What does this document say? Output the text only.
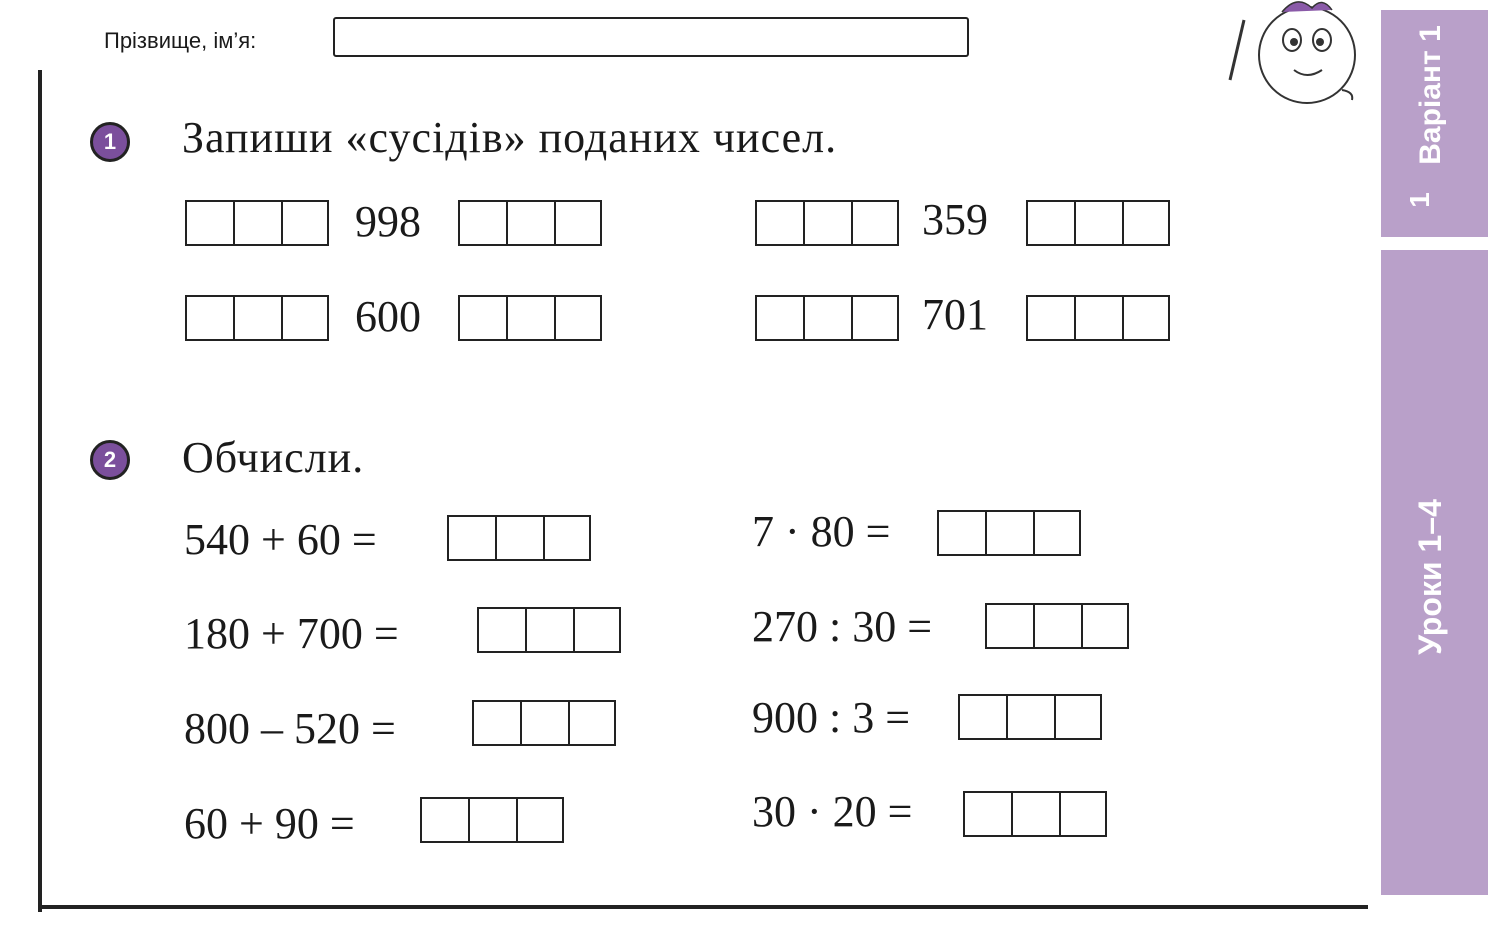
Прізвище, ім’я:	Варіант 1
1
Уроки 1–4
1	Запиши «сусідів» поданих чисел.
998
600
359
701
2	Обчисли.
540 + 60 =
180 + 700 =
800 – 520 =
60 + 90 =
7 · 80 =
270 : 30 =
900 : 3 =
30 · 20 =
